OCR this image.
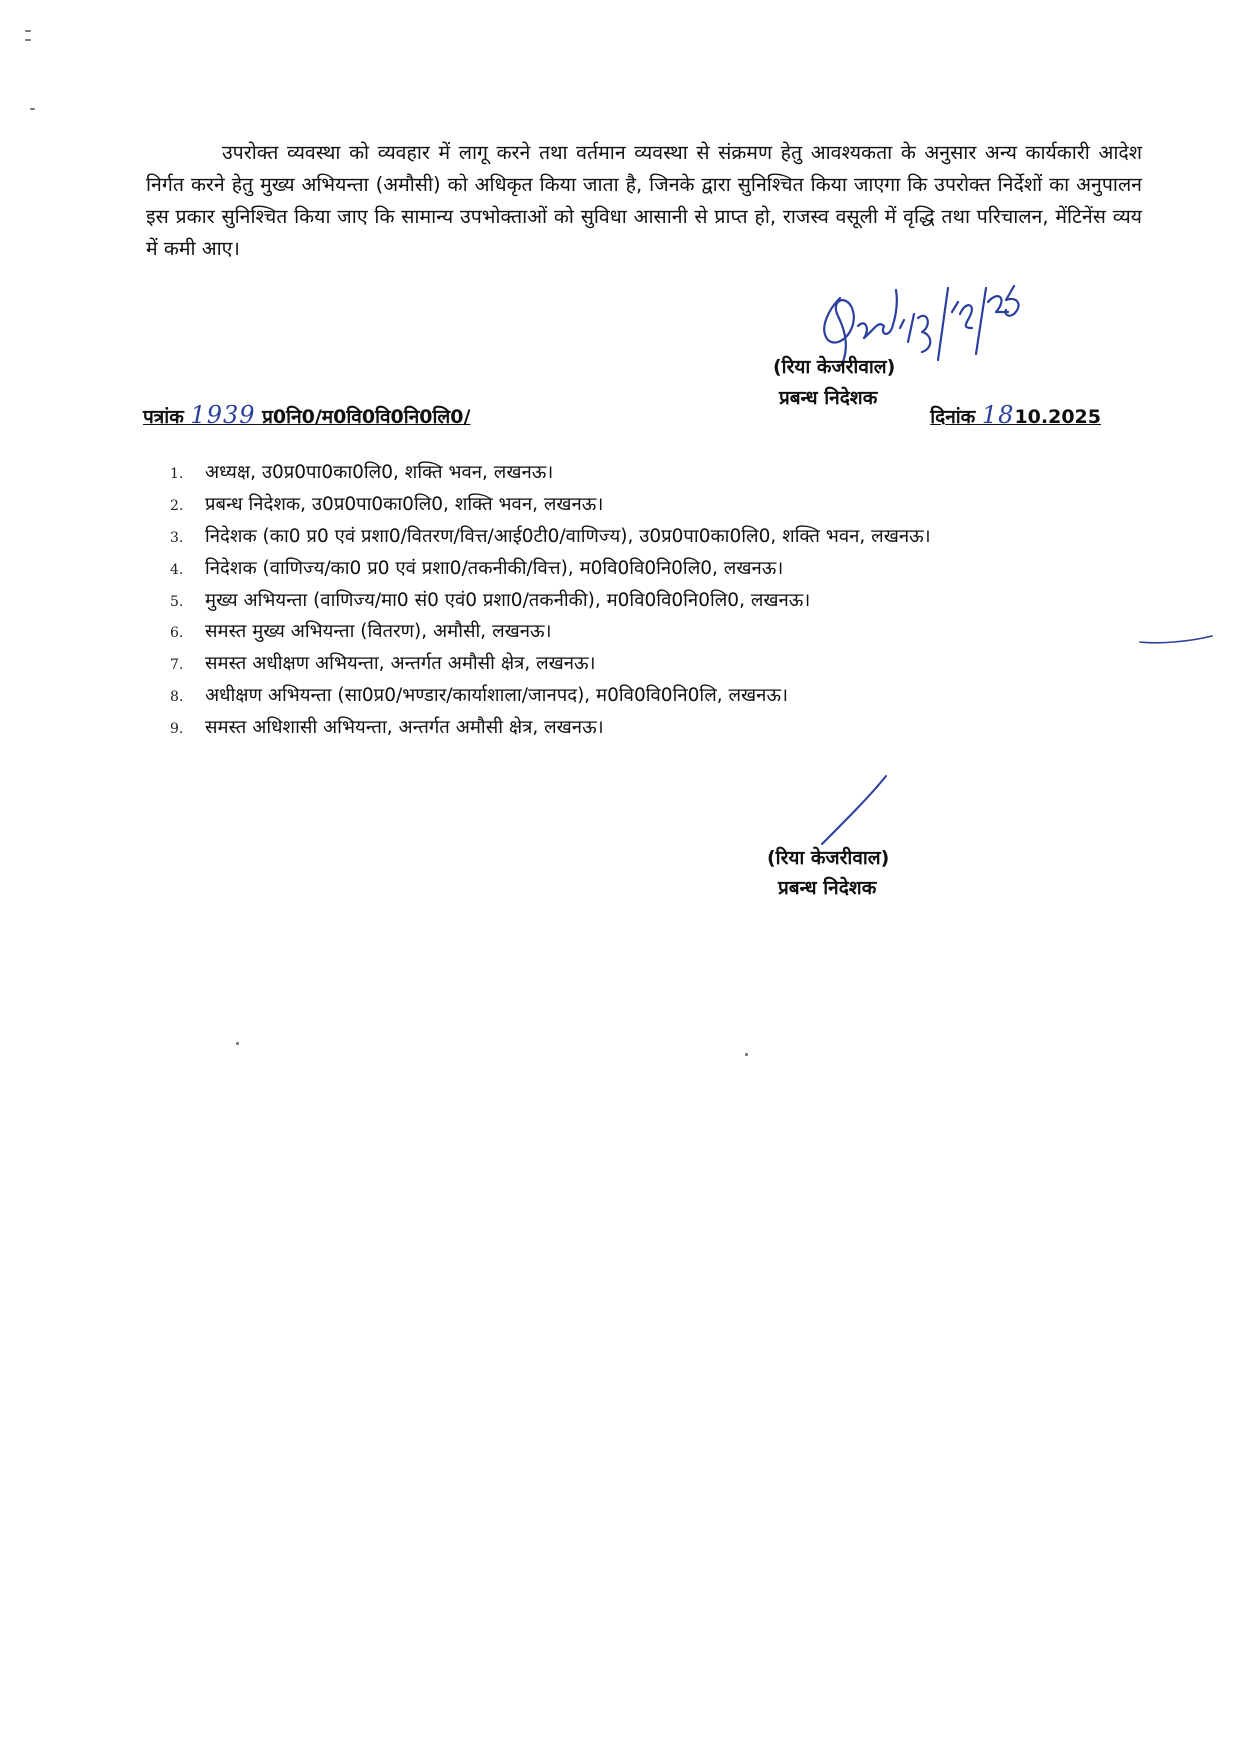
उपरोक्त व्यवस्था को व्यवहार में लागू करने तथा वर्तमान व्यवस्था से संक्रमण हेतु आवश्यकता के अनुसार अन्य कार्यकारी आदेश निर्गत करने हेतु मुख्य अभियन्ता (अमौसी) को अधिकृत किया जाता है, जिनके द्वारा सुनिश्चित किया जाएगा कि उपरोक्त निर्देशों का अनुपालन इस प्रकार सुनिश्चित किया जाए कि सामान्य उपभोक्ताओं को सुविधा आसानी से प्राप्त हो, राजस्व वसूली में वृद्धि तथा परिचालन, मेंटिनेंस व्यय में कमी आए।

(रिया केजरीवाल)
प्रबन्ध निदेशक
पत्रांक 1939 प्र0नि0/म0वि0वि0नि0लि0/	दिनांक 1810.2025
1. अध्यक्ष, उ0प्र0पा0का0लि0, शक्ति भवन, लखनऊ।
2. प्रबन्ध निदेशक, उ0प्र0पा0का0लि0, शक्ति भवन, लखनऊ।
3. निदेशक (का0 प्र0 एवं प्रशा0/वितरण/वित्त/आई0टी0/वाणिज्य), उ0प्र0पा0का0लि0, शक्ति भवन, लखनऊ।
4. निदेशक (वाणिज्य/का0 प्र0 एवं प्रशा0/तकनीकी/वित्त), म0वि0वि0नि0लि0, लखनऊ।
5. मुख्य अभियन्ता (वाणिज्य/मा0 सं0 एवं0 प्रशा0/तकनीकी), म0वि0वि0नि0लि0, लखनऊ।
6. समस्त मुख्य अभियन्ता (वितरण), अमौसी, लखनऊ।
7. समस्त अधीक्षण अभियन्ता, अन्तर्गत अमौसी क्षेत्र, लखनऊ।
8. अधीक्षण अभियन्ता (सा0प्र0/भण्डार/कार्याशाला/जानपद), म0वि0वि0नि0लि, लखनऊ।
9. समस्त अधिशासी अभियन्ता, अन्तर्गत अमौसी क्षेत्र, लखनऊ।
(रिया केजरीवाल)
प्रबन्ध निदेशक
